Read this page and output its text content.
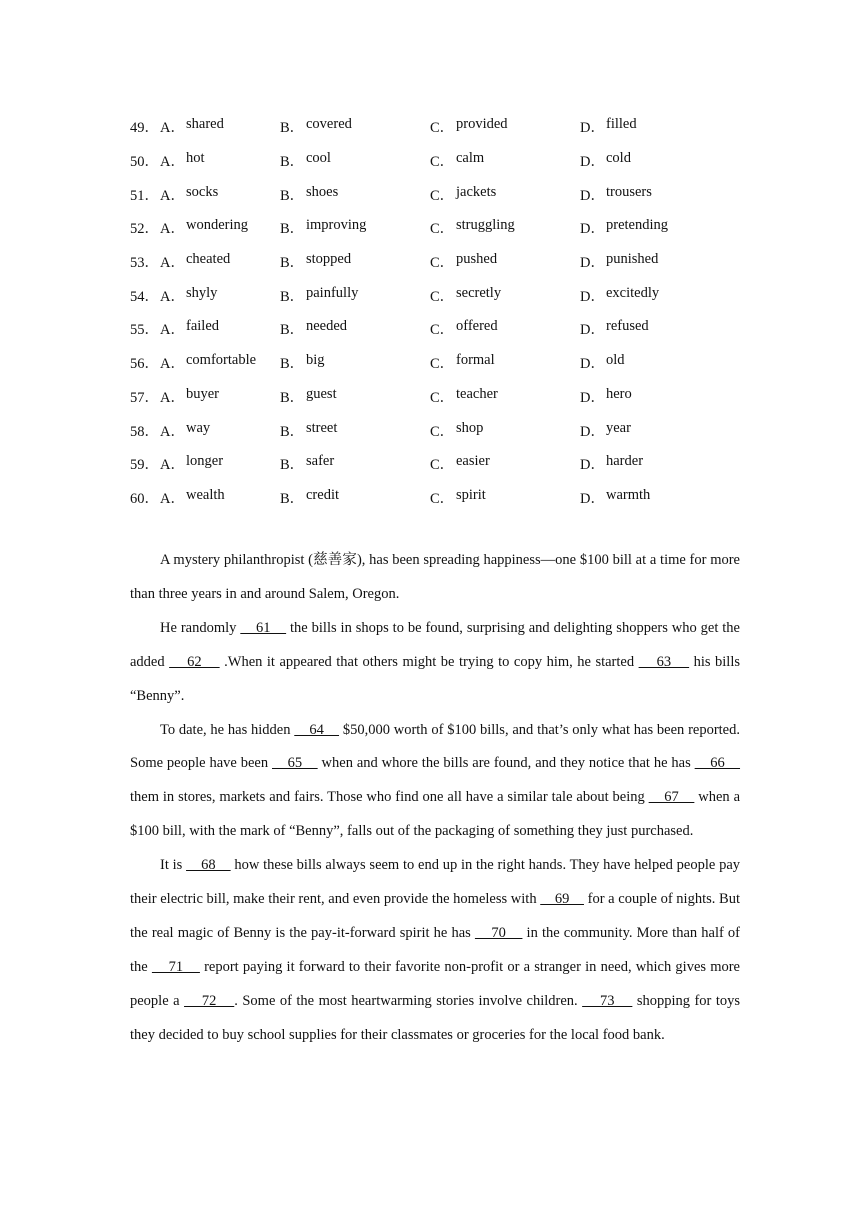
49． A． shared	B． covered	C． provided	D． filled
50． A． hot	B． cool	C． calm	D． cold
51． A． socks	B． shoes	C． jackets	D． trousers
52． A． wondering B． improving	C． struggling	D． pretending
53． A． cheated	B． stopped	C． pushed	D． punished
54． A． shyly	B． painfully	C． secretly	D． excitedly
55． A． failed	B． needed	C． offered	D． refused
56． A． comfortable B． big	C． formal	D． old
57． A． buyer	B． guest	C． teacher	D． hero
58． A． way	B． street	C． shop	D． year
59． A． longer	B． safer	C． easier	D． harder
60． A． wealth	B． credit	C． spirit	D． warmth

A mystery philanthropist (慈善家), has been spreading happiness—one $100 bill at a time for more than three years in and around Salem, Oregon.

He randomly     61     the bills in shops to be found, surprising and delighting shoppers who get the added     62     .When it appeared that others might be trying to copy him, he started     63     his bills “Benny”.

To date, he has hidden     64     $50,000 worth of $100 bills, and that’s only what has been reported. Some people have been     65     when and whore the bills are found, and they notice that he has     66     them in stores, markets and fairs. Those who find one all have a similar tale about being     67     when a $100 bill, with the mark of “Benny”, falls out of the packaging of something they just purchased.

It is     68     how these bills always seem to end up in the right hands. They have helped people pay their electric bill, make their rent, and even provide the homeless with     69     for a couple of nights. But the real magic of Benny is the pay-it-forward spirit he has     70     in the community. More than half of the     71     report paying it forward to their favorite non-profit or a stranger in need, which gives more people a     72    . Some of the most heartwarming stories involve children.     73     shopping for toys they decided to buy school supplies for their classmates or groceries for the local food bank.
